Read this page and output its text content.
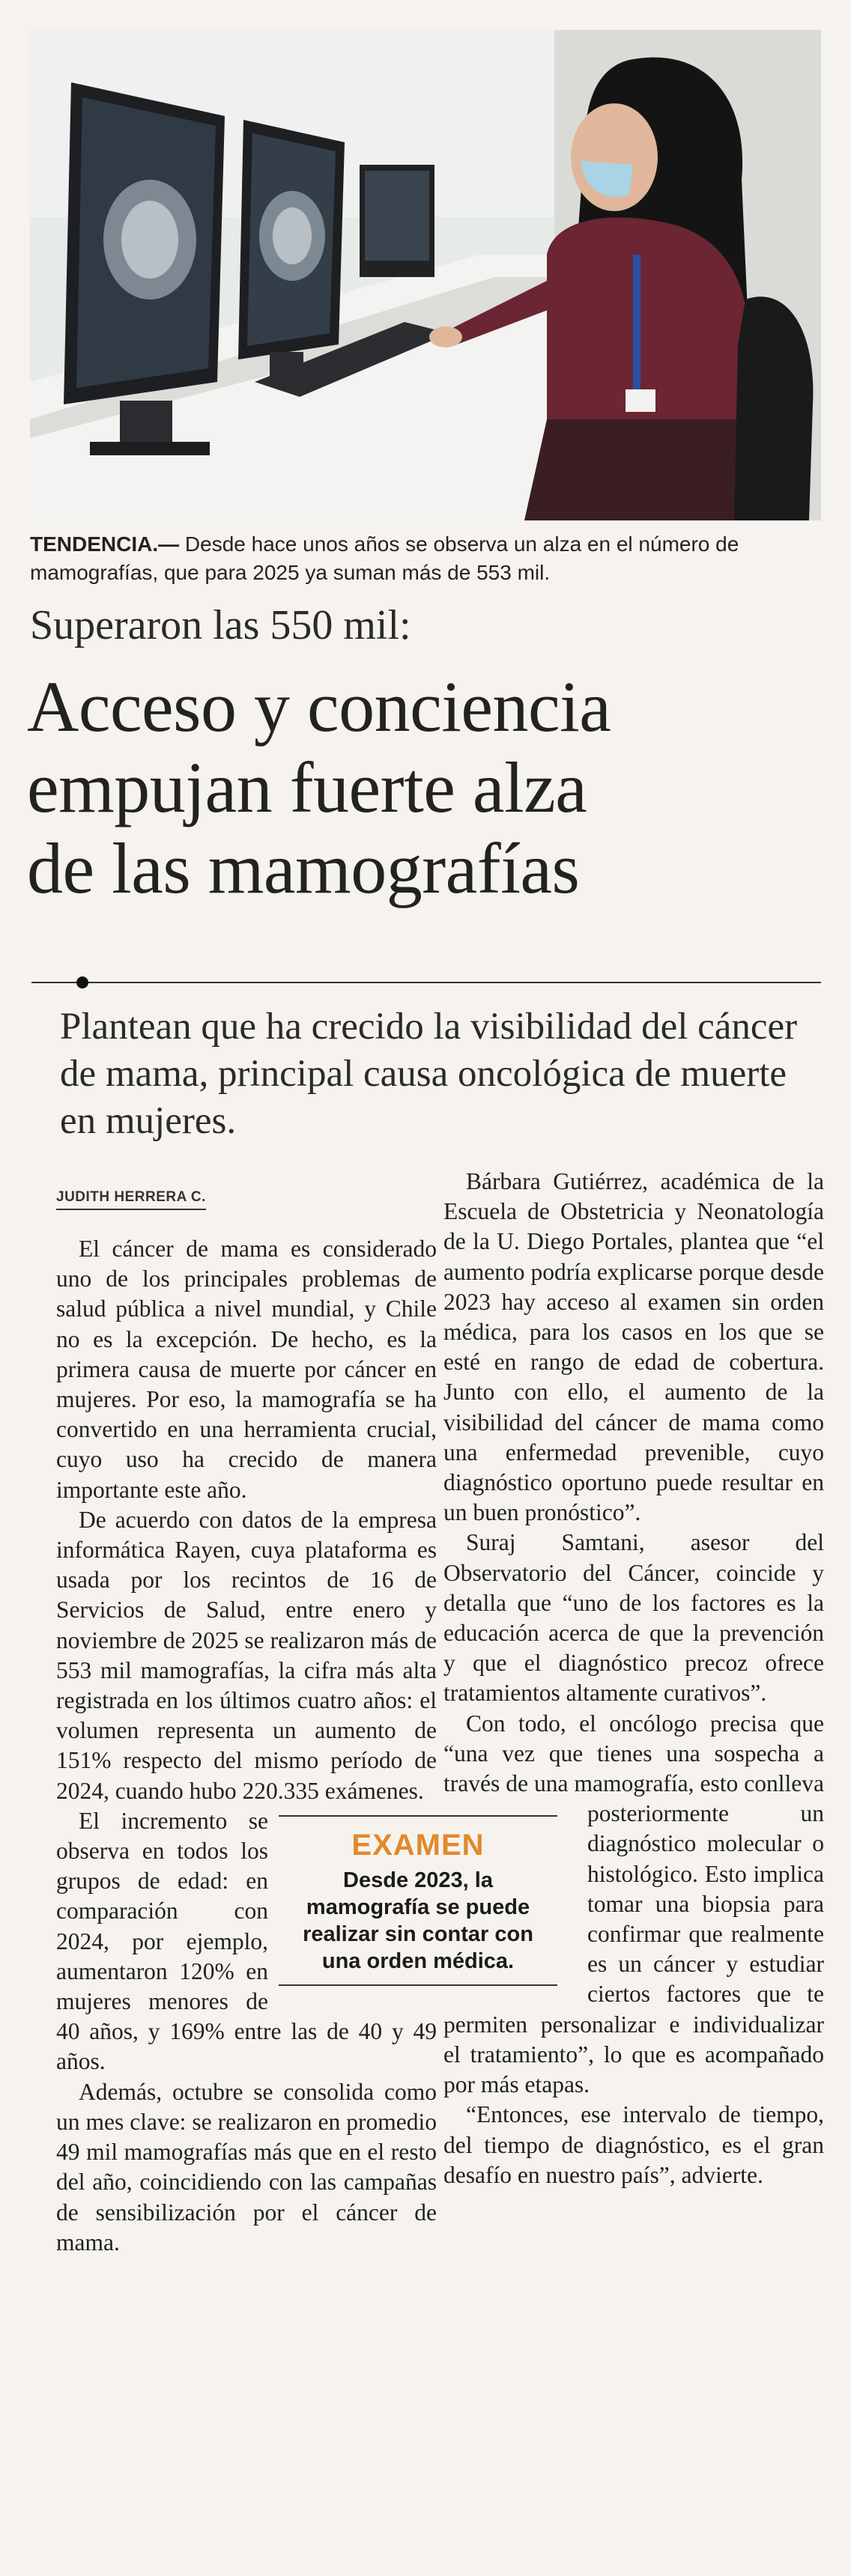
TENDENCIA.— Desde hace unos años se observa un alza en el número de mamografías, que para 2025 ya suman más de 553 mil.
Superaron las 550 mil:
Acceso y conciencia
empujan fuerte alza
de las mamografías
Plantean que ha crecido la visibilidad del cáncer de mama, principal causa oncológica de muerte en mujeres.
JUDITH HERRERA C.

El cáncer de mama es considerado uno de los principales problemas de salud pública a nivel mundial, y Chile no es la excepción. De hecho, es la primera causa de muerte por cáncer en mujeres. Por eso, la mamografía se ha convertido en una herramienta crucial, cuyo uso ha crecido de manera importante este año.

De acuerdo con datos de la empresa informática Rayen, cuya plataforma es usada por los recintos de 16 de Servicios de Salud, entre enero y noviembre de 2025 se realizaron más de 553 mil mamografías, la cifra más alta registrada en los últimos cuatro años: el volumen representa un aumento de 151% respecto del mismo período de 2024, cuando hubo 220.335 exámenes.

El incremento se observa en todos los grupos de edad: en comparación con 2024, por ejemplo, aumentaron 120% en mujeres menores de 40 años, y 169% entre las de 40 y 49 años.

Además, octubre se consolida como un mes clave: se realizaron en promedio 49 mil mamografías más que en el resto del año, coincidiendo con las campañas de sensibilización por el cáncer de mama.

Bárbara Gutiérrez, académica de la Escuela de Obstetricia y Neonatología de la U. Diego Portales, plantea que “el aumento podría explicarse porque desde 2023 hay acceso al examen sin orden médica, para los casos en los que se esté en rango de edad de cobertura. Junto con ello, el aumento de la visibilidad del cáncer de mama como una enfermedad prevenible, cuyo diagnóstico oportuno puede resultar en un buen pronóstico”.

Suraj Samtani, asesor del Observatorio del Cáncer, coincide y detalla que “uno de los factores es la educación acerca de que la prevención y que el diagnóstico precoz ofrece tratamientos altamente curativos”.

Con todo, el oncólogo precisa que “una vez que tienes una sospecha a través de una mamografía, esto conlleva posteriormente un diagnóstico molecular o histológico. Esto implica tomar una biopsia para confirmar que realmente es un cáncer y estudiar ciertos factores que te permiten personalizar e individualizar el tratamiento”, lo que es acompañado por más etapas.

“Entonces, ese intervalo de tiempo, del tiempo de diagnóstico, es el gran desafío en nuestro país”, advierte.

EXAMEN
Desde 2023, la mamografía se puede realizar sin contar con una orden médica.
